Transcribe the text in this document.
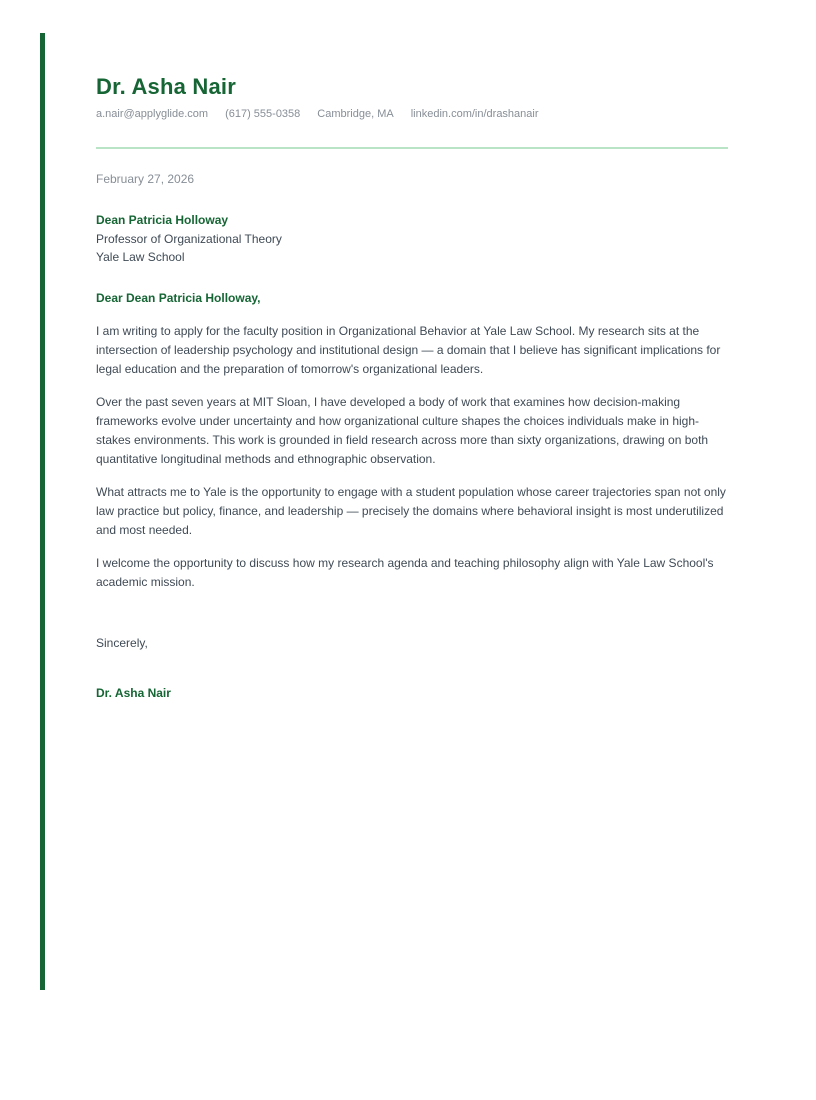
Dr. Asha Nair
a.nair@applyglide.com (617) 555-0358 Cambridge, MA linkedin.com/in/drashanair
February 27, 2026
Dean Patricia Holloway
Professor of Organizational Theory
Yale Law School
Dear Dean Patricia Holloway,

I am writing to apply for the faculty position in Organizational Behavior at Yale Law School. My research sits at the intersection of leadership psychology and institutional design — a domain that I believe has significant implications for legal education and the preparation of tomorrow's organizational leaders.

Over the past seven years at MIT Sloan, I have developed a body of work that examines how decision-making frameworks evolve under uncertainty and how organizational culture shapes the choices individuals make in high-stakes environments. This work is grounded in field research across more than sixty organizations, drawing on both quantitative longitudinal methods and ethnographic observation.

What attracts me to Yale is the opportunity to engage with a student population whose career trajectories span not only law practice but policy, finance, and leadership — precisely the domains where behavioral insight is most underutilized and most needed.

I welcome the opportunity to discuss how my research agenda and teaching philosophy align with Yale Law School's academic mission.

Sincerely,
Dr. Asha Nair
